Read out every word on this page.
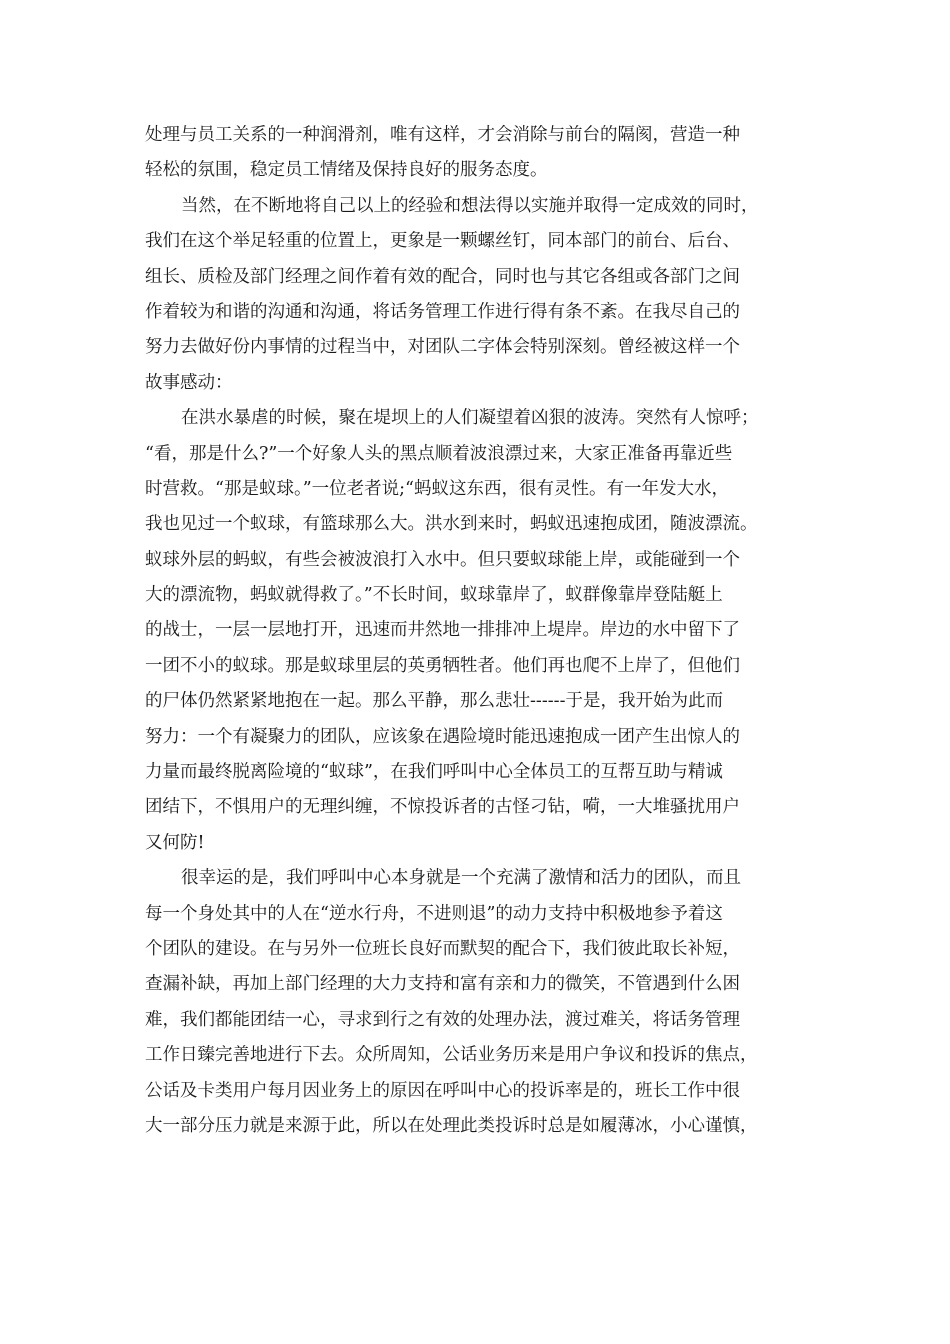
处理与员工关系的一种润滑剂，唯有这样，才会消除与前台的隔阂，营造一种
轻松的氛围，稳定员工情绪及保持良好的服务态度。
当然，在不断地将自己以上的经验和想法得以实施并取得一定成效的同时，
我们在这个举足轻重的位置上，更象是一颗螺丝钉，同本部门的前台、后台、
组长、质检及部门经理之间作着有效的配合，同时也与其它各组或各部门之间
作着较为和谐的沟通和沟通，将话务管理工作进行得有条不紊。在我尽自己的
努力去做好份内事情的过程当中，对团队二字体会特别深刻。曾经被这样一个
故事感动：
在洪水暴虐的时候，聚在堤坝上的人们凝望着凶狠的波涛。突然有人惊呼；
“看，那是什么?”一个好象人头的黑点顺着波浪漂过来，大家正准备再靠近些
时营救。“那是蚁球。”一位老者说;“蚂蚁这东西，很有灵性。有一年发大水，
我也见过一个蚁球，有篮球那么大。洪水到来时，蚂蚁迅速抱成团，随波漂流。
蚁球外层的蚂蚁，有些会被波浪打入水中。但只要蚁球能上岸，或能碰到一个
大的漂流物，蚂蚁就得救了。”不长时间，蚁球靠岸了，蚁群像靠岸登陆艇上
的战士，一层一层地打开，迅速而井然地一排排冲上堤岸。岸边的水中留下了
一团不小的蚁球。那是蚁球里层的英勇牺牲者。他们再也爬不上岸了，但他们
的尸体仍然紧紧地抱在一起。那么平静，那么悲壮------于是，我开始为此而
努力：一个有凝聚力的团队，应该象在遇险境时能迅速抱成一团产生出惊人的
力量而最终脱离险境的“蚁球”，在我们呼叫中心全体员工的互帮互助与精诚
团结下，不惧用户的无理纠缠，不惊投诉者的古怪刁钻，嗬，一大堆骚扰用户
又何防!
很幸运的是，我们呼叫中心本身就是一个充满了激情和活力的团队，而且
每一个身处其中的人在“逆水行舟，不进则退”的动力支持中积极地参予着这
个团队的建设。在与另外一位班长良好而默契的配合下，我们彼此取长补短，
查漏补缺，再加上部门经理的大力支持和富有亲和力的微笑，不管遇到什么困
难，我们都能团结一心，寻求到行之有效的处理办法，渡过难关，将话务管理
工作日臻完善地进行下去。众所周知，公话业务历来是用户争议和投诉的焦点，
公话及卡类用户每月因业务上的原因在呼叫中心的投诉率是的，班长工作中很
大一部分压力就是来源于此，所以在处理此类投诉时总是如履薄冰，小心谨慎，
